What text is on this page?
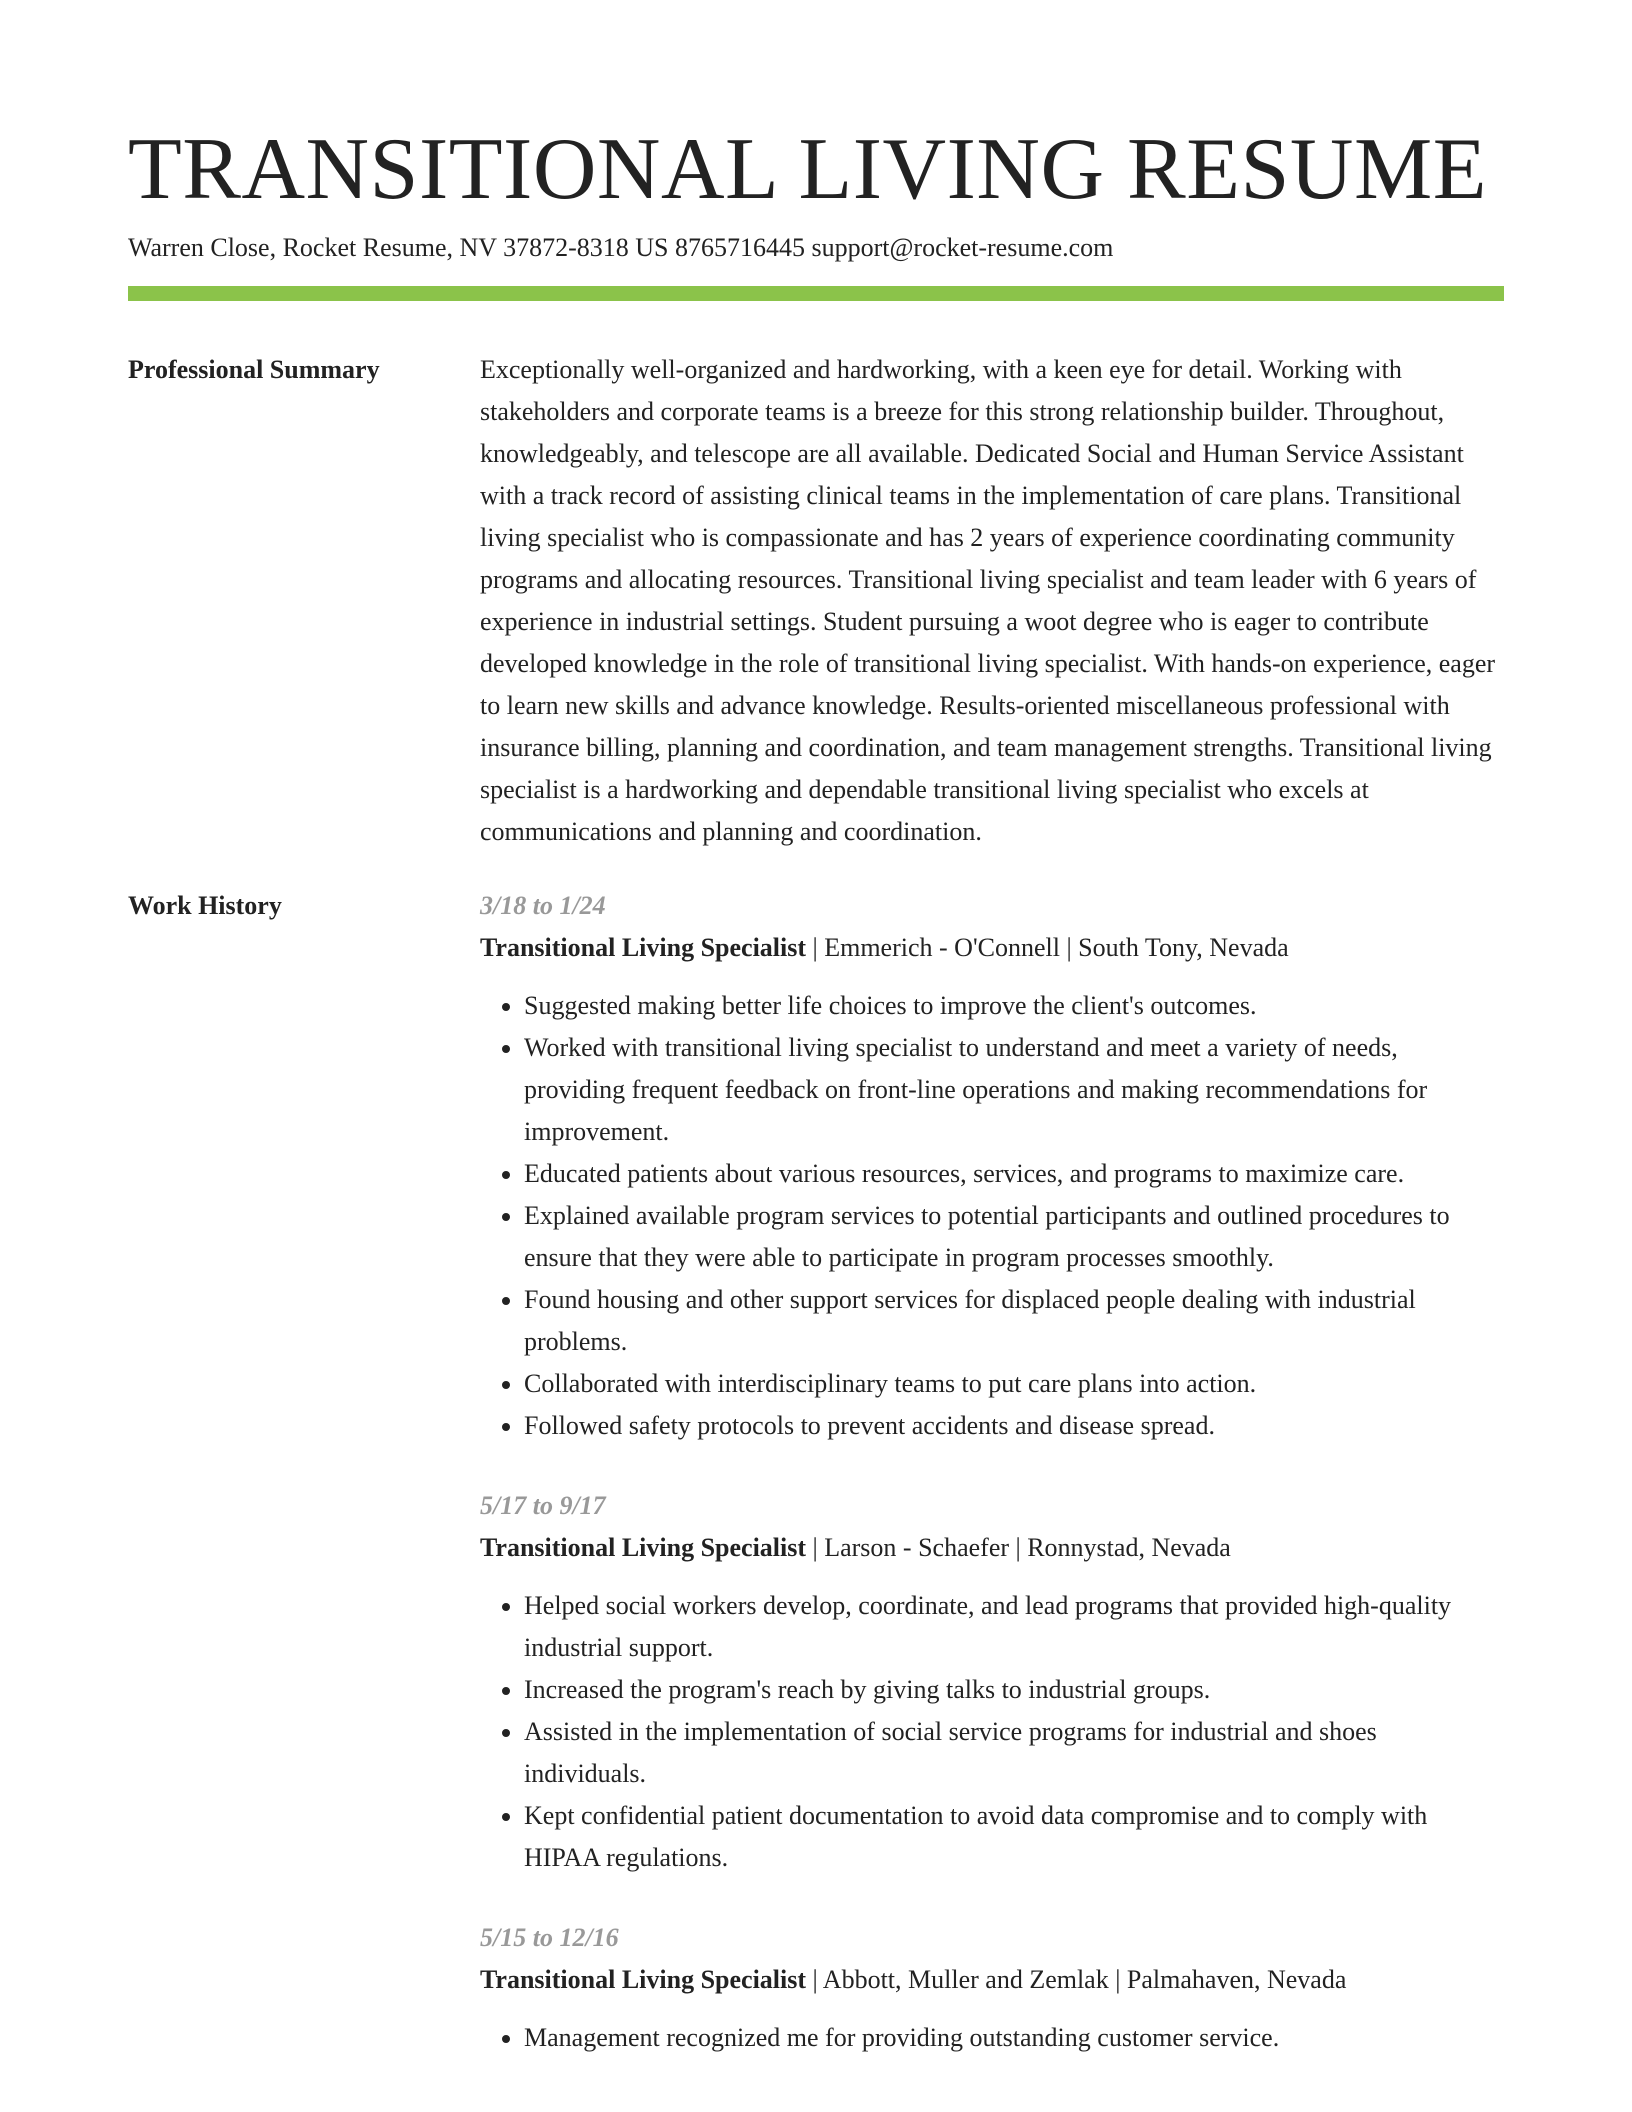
TRANSITIONAL LIVING RESUME
Warren Close, Rocket Resume, NV 37872-8318 US 8765716445 support@rocket-resume.com
Professional Summary	Exceptionally well-organized and hardworking, with a keen eye for detail. Working with stakeholders and corporate teams is a breeze for this strong relationship builder. Throughout, knowledgeably, and telescope are all available. Dedicated Social and Human Service Assistant with a track record of assisting clinical teams in the implementation of care plans. Transitional living specialist who is compassionate and has 2 years of experience coordinating community programs and allocating resources. Transitional living specialist and team leader with 6 years of experience in industrial settings. Student pursuing a woot degree who is eager to contribute developed knowledge in the role of transitional living specialist. With hands-on experience, eager to learn new skills and advance knowledge. Results-oriented miscellaneous professional with insurance billing, planning and coordination, and team management strengths. Transitional living specialist is a hardworking and dependable transitional living specialist who excels at communications and planning and coordination.

Work History	3/18 to 1/24
Transitional Living Specialist | Emmerich - O'Connell | South Tony, Nevada
• Suggested making better life choices to improve the client's outcomes.
• Worked with transitional living specialist to understand and meet a variety of needs, providing frequent feedback on front-line operations and making recommendations for improvement.
• Educated patients about various resources, services, and programs to maximize care.
• Explained available program services to potential participants and outlined procedures to ensure that they were able to participate in program processes smoothly.
• Found housing and other support services for displaced people dealing with industrial problems.
• Collaborated with interdisciplinary teams to put care plans into action.
• Followed safety protocols to prevent accidents and disease spread.
5/17 to 9/17
Transitional Living Specialist | Larson - Schaefer | Ronnystad, Nevada
• Helped social workers develop, coordinate, and lead programs that provided high-quality industrial support.
• Increased the program's reach by giving talks to industrial groups.
• Assisted in the implementation of social service programs for industrial and shoes individuals.
• Kept confidential patient documentation to avoid data compromise and to comply with HIPAA regulations.
5/15 to 12/16
Transitional Living Specialist | Abbott, Muller and Zemlak | Palmahaven, Nevada
• Management recognized me for providing outstanding customer service.
